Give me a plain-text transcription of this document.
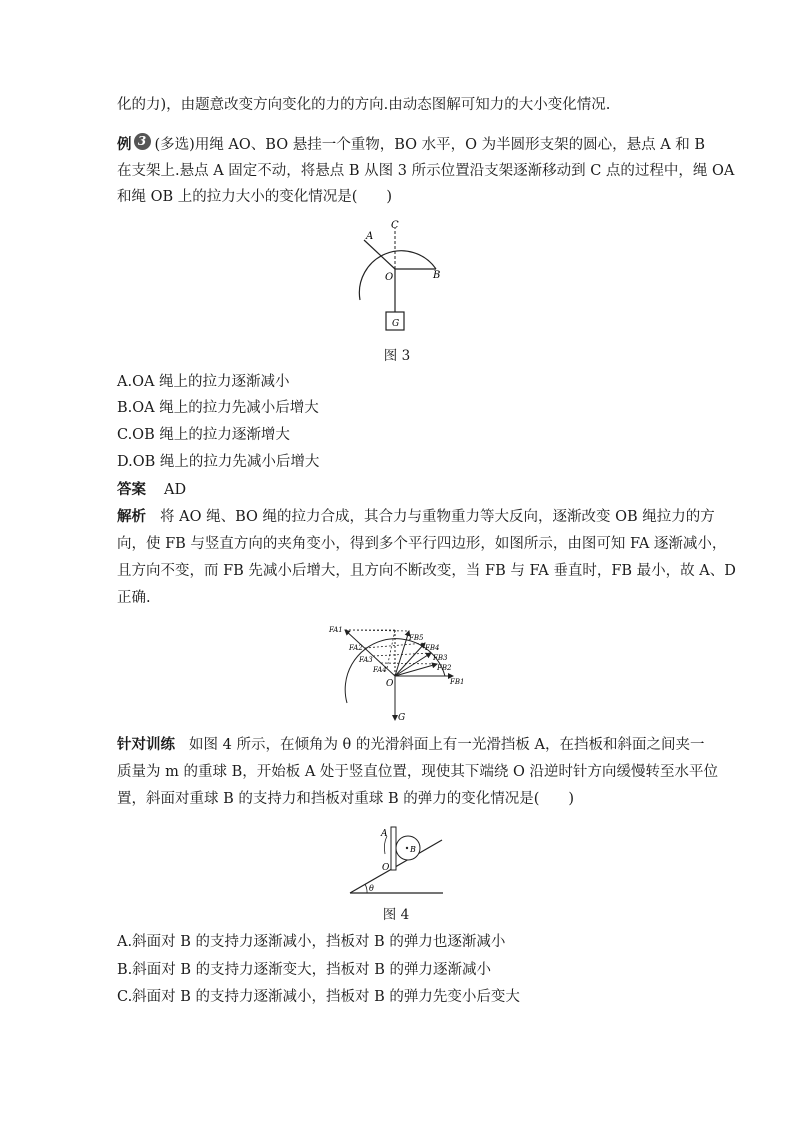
化的力)，由题意改变方向变化的力的方向.由动态图解可知力的大小变化情况.
例 3 (多选)用绳 AO、BO 悬挂一个重物，BO 水平，O 为半圆形支架的圆心，悬点 A 和 B
在支架上.悬点 A 固定不动，将悬点 B 从图 3 所示位置沿支架逐渐移动到 C 点的过程中，绳 OA
和绳 OB 上的拉力大小的变化情况是(　　)
A
C
B
O
G
图 3
A.OA 绳上的拉力逐渐减小
B.OA 绳上的拉力先减小后增大
C.OB 绳上的拉力逐渐增大
D.OB 绳上的拉力先减小后增大
答案 AD
解析 将 AO 绳、BO 绳的拉力合成，其合力与重物重力等大反向，逐渐改变 OB 绳拉力的方
向，使 FB 与竖直方向的夹角变小，得到多个平行四边形，如图所示，由图可知 FA 逐渐减小，
且方向不变，而 FB 先减小后增大，且方向不断改变，当 FB 与 FA 垂直时，FB 最小，故 A、D
正确.
FA1
FA2
FA3
FA4
FB5
FB4
FB3
FB2
FB1
O
G
针对训练 如图 4 所示，在倾角为 θ 的光滑斜面上有一光滑挡板 A，在挡板和斜面之间夹一
质量为 m 的重球 B，开始板 A 处于竖直位置，现使其下端绕 O 沿逆时针方向缓慢转至水平位
置，斜面对重球 B 的支持力和挡板对重球 B 的弹力的变化情况是(　　)
A
O
B
θ
图 4
A.斜面对 B 的支持力逐渐减小，挡板对 B 的弹力也逐渐减小
B.斜面对 B 的支持力逐渐变大，挡板对 B 的弹力逐渐减小
C.斜面对 B 的支持力逐渐减小，挡板对 B 的弹力先变小后变大
